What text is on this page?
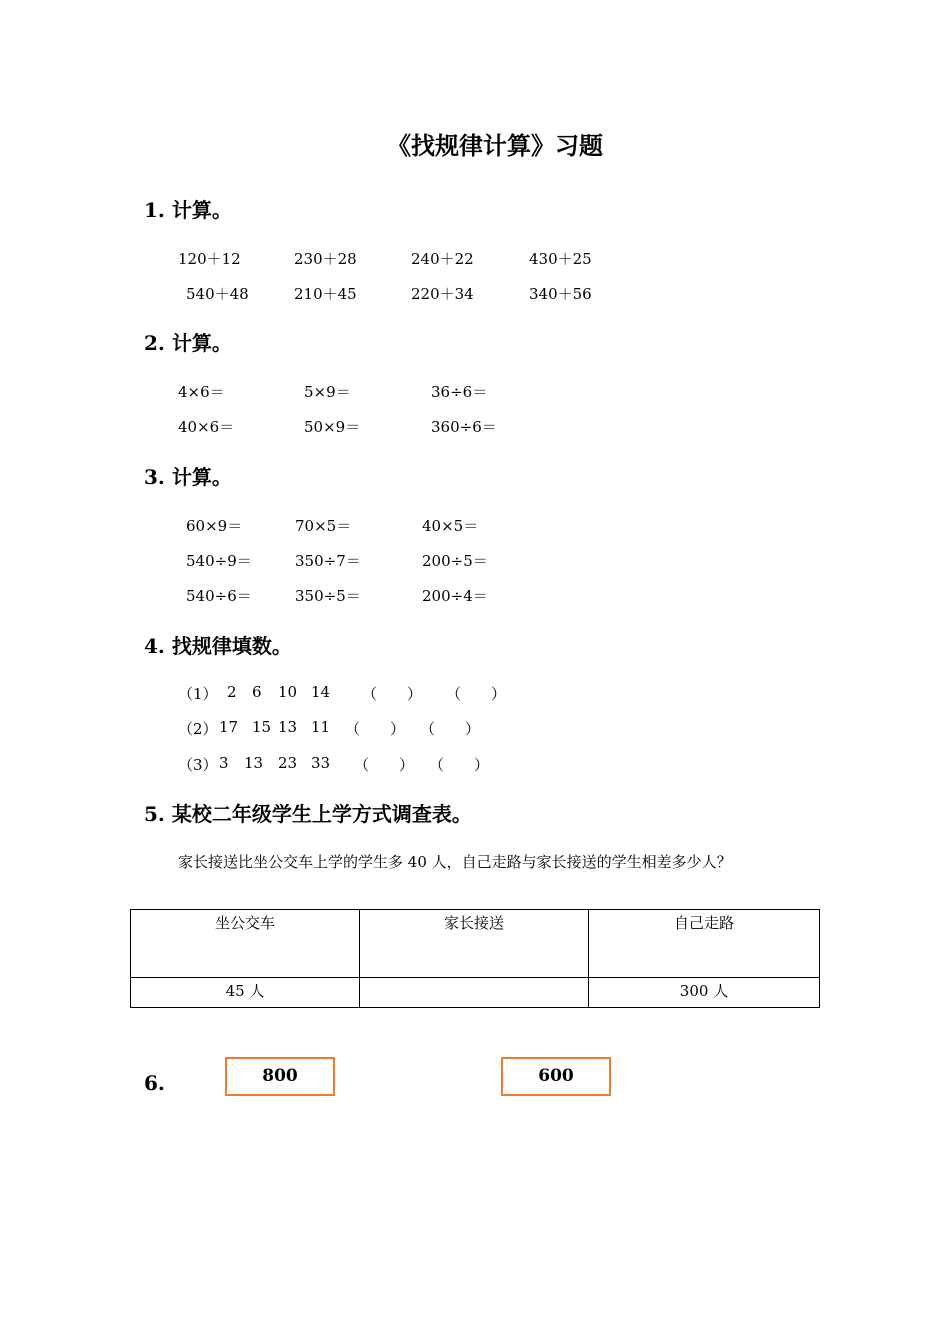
《找规律计算》习题
1. 计算。
120＋12	230＋28	240＋22	430＋25
540＋48	210＋45	220＋34	340＋56
2. 计算。
4×6＝	5×9＝	36÷6＝
40×6＝	50×9＝	360÷6＝
3. 计算。
60×9＝	70×5＝	40×5＝
540÷9＝	350÷7＝	200÷5＝
540÷6＝	350÷5＝	200÷4＝
4. 找规律填数。
（1） 2 6 10 14 （　　） （　　）
（2） 17 15 13 11 （　　） （　　）
（3） 3 13 23 33 （　　） （　　）
5. 某校二年级学生上学方式调查表。
家长接送比坐公交车上学的学生多 40 人，自己走路与家长接送的学生相差多少人？
坐公交车	家长接送	自己走路
45 人		300 人
6.	800	600
